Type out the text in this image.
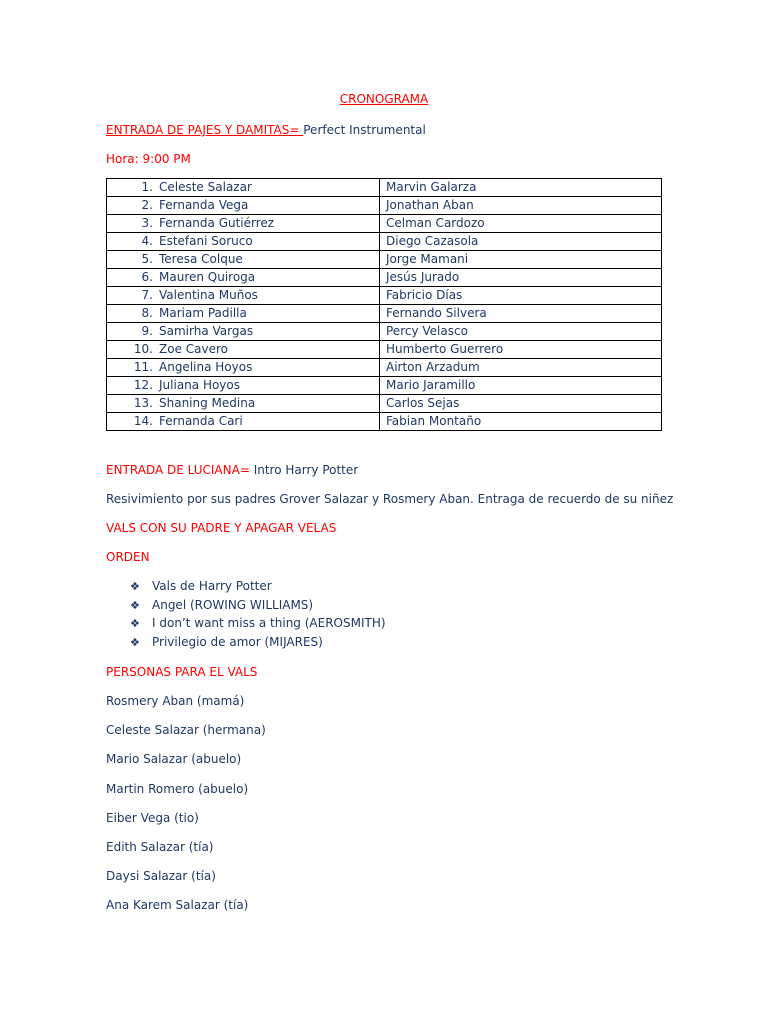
CRONOGRAMA
ENTRADA DE PAJES Y DAMITAS= Perfect Instrumental
Hora: 9:00 PM
1. Celeste Salazar	Marvin Galarza
2. Fernanda Vega	Jonathan Aban
3. Fernanda Gutiérrez	Celman Cardozo
4. Estefani Soruco	Diego Cazasola
5. Teresa Colque	Jorge Mamani
6. Mauren Quiroga	Jesús Jurado
7. Valentina Muños	Fabricio Días
8. Mariam Padilla	Fernando Silvera
9. Samirha Vargas	Percy Velasco
10. Zoe Cavero	Humberto Guerrero
11. Angelina Hoyos	Airton Arzadum
12. Juliana Hoyos	Mario Jaramillo
13. Shaning Medina	Carlos Sejas
14. Fernanda Cari	Fabian Montaño
ENTRADA DE LUCIANA= Intro Harry Potter
Resivimiento por sus padres Grover Salazar y Rosmery Aban. Entraga de recuerdo de su niñez
VALS CON SU PADRE Y APAGAR VELAS
ORDEN
❖ Vals de Harry Potter
❖ Angel (ROWING WILLIAMS)
❖ I don’t want miss a thing (AEROSMITH)
❖ Privilegio de amor (MIJARES)
PERSONAS PARA EL VALS
Rosmery Aban (mamá)
Celeste Salazar (hermana)
Mario Salazar (abuelo)
Martin Romero (abuelo)
Eiber Vega (tio)
Edith Salazar (tía)
Daysi Salazar (tía)
Ana Karem Salazar (tía)
